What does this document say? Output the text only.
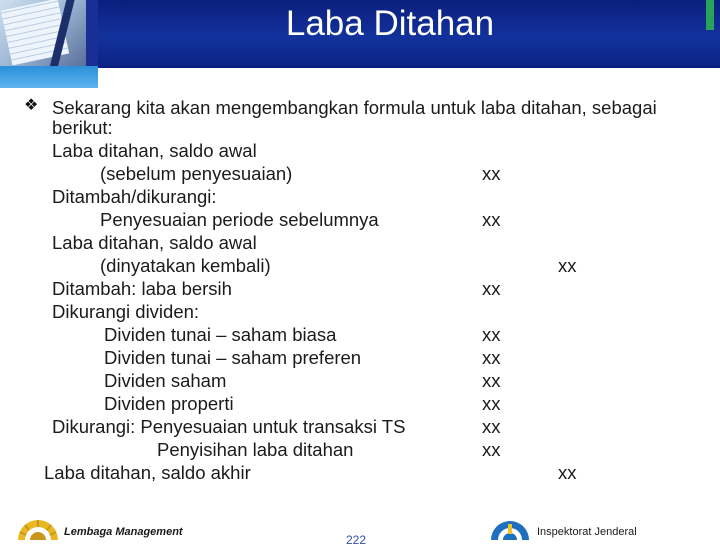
Laba Ditahan
❖ Sekarang kita akan mengembangkan formula untuk laba ditahan, sebagai
berikut:
Laba ditahan, saldo awal
(sebelum penyesuaian)	xx
Ditambah/dikurangi:
Penyesuaian periode sebelumnya	xx
Laba ditahan, saldo awal
(dinyatakan kembali)	xx
Ditambah: laba bersih	xx
Dikurangi dividen:
Dividen tunai – saham biasa	xx
Dividen tunai – saham preferen	xx
Dividen saham	xx
Dividen properti	xx
Dikurangi: Penyesuaian untuk transaksi TS	xx
Penyisihan laba ditahan	xx
Laba ditahan, saldo akhir	xx
Lembaga Management
222
Inspektorat Jenderal
